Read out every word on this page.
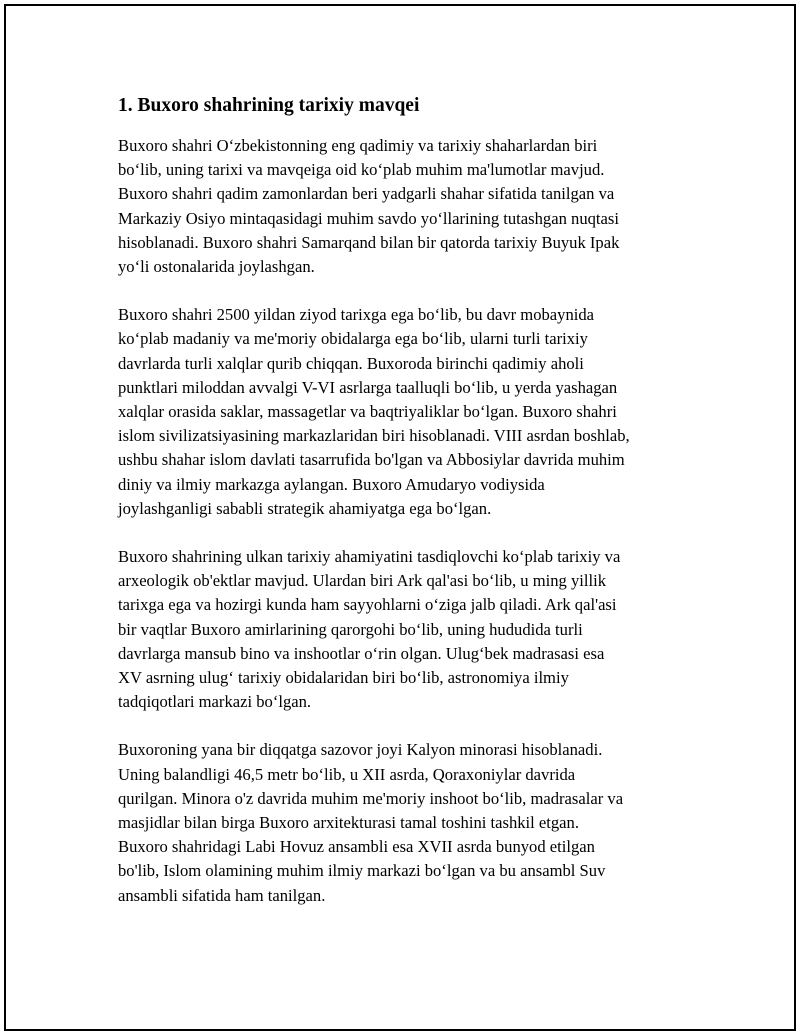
1. Buxoro shahrining tarixiy mavqei

Buxoro shahri O‘zbekistonning eng qadimiy va tarixiy shaharlardan biri
bo‘lib, uning tarixi va mavqeiga oid ko‘plab muhim ma'lumotlar mavjud.
Buxoro shahri qadim zamonlardan beri yadgarli shahar sifatida tanilgan va
Markaziy Osiyo mintaqasidagi muhim savdo yo‘llarining tutashgan nuqtasi
hisoblanadi. Buxoro shahri Samarqand bilan bir qatorda tarixiy Buyuk Ipak
yo‘li ostonalarida joylashgan.

Buxoro shahri 2500 yildan ziyod tarixga ega bo‘lib, bu davr mobaynida
ko‘plab madaniy va me'moriy obidalarga ega bo‘lib, ularni turli tarixiy
davrlarda turli xalqlar qurib chiqqan. Buxoroda birinchi qadimiy aholi
punktlari miloddan avvalgi V-VI asrlarga taalluqli bo‘lib, u yerda yashagan
xalqlar orasida saklar, massagetlar va baqtriyaliklar bo‘lgan. Buxoro shahri
islom sivilizatsiyasining markazlaridan biri hisoblanadi. VIII asrdan boshlab,
ushbu shahar islom davlati tasarrufida bo'lgan va Abbosiylar davrida muhim
diniy va ilmiy markazga aylangan. Buxoro Amudaryo vodiysida
joylashganligi sababli strategik ahamiyatga ega bo‘lgan.

Buxoro shahrining ulkan tarixiy ahamiyatini tasdiqlovchi ko‘plab tarixiy va
arxeologik ob'ektlar mavjud. Ulardan biri Ark qal'asi bo‘lib, u ming yillik
tarixga ega va hozirgi kunda ham sayyohlarni o‘ziga jalb qiladi. Ark qal'asi
bir vaqtlar Buxoro amirlarining qarorgohi bo‘lib, uning hududida turli
davrlarga mansub bino va inshootlar o‘rin olgan. Ulug‘bek madrasasi esa
XV asrning ulug‘ tarixiy obidalaridan biri bo‘lib, astronomiya ilmiy
tadqiqotlari markazi bo‘lgan.

Buxoroning yana bir diqqatga sazovor joyi Kalyon minorasi hisoblanadi.
Uning balandligi 46,5 metr bo‘lib, u XII asrda, Qoraxoniylar davrida
qurilgan. Minora o'z davrida muhim me'moriy inshoot bo‘lib, madrasalar va
masjidlar bilan birga Buxoro arxitekturasi tamal toshini tashkil etgan.
Buxoro shahridagi Labi Hovuz ansambli esa XVII asrda bunyod etilgan
bo'lib, Islom olamining muhim ilmiy markazi bo‘lgan va bu ansambl Suv
ansambli sifatida ham tanilgan.
